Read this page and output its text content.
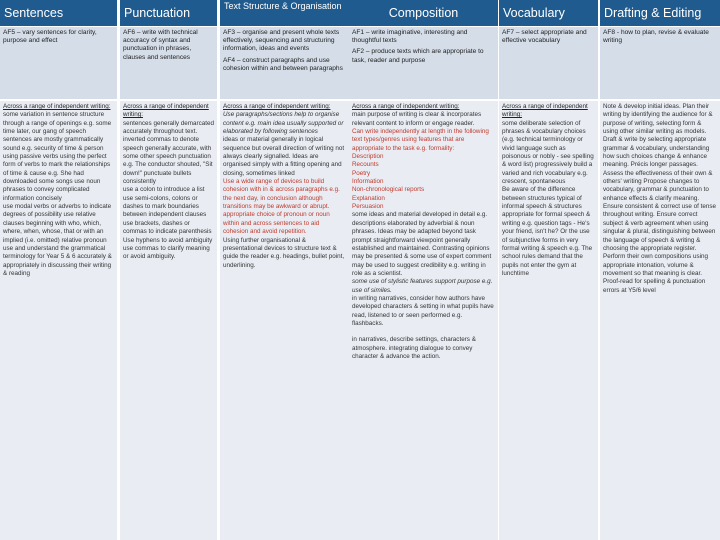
Sentences

AF5 – vary sentences for clarity, purpose and effect

Across a range of independent writing:

some variation in sentence structure through a range of openings e.g. some time later, our gang of speech sentences are mostly grammatically sound e.g. security of time & person using passive verbs using the perfect form of verbs to mark the relationships of time & cause e.g. She had downloaded some songs use noun phrases to convey complicated information concisely

use modal verbs or adverbs to indicate degrees of possibility use relative clauses beginning with who, which, where, when, whose, that or with an implied (i.e. omitted) relative pronoun use and understand the grammatical terminology for Year 5 & 6 accurately & appropriately in discussing their writing & reading

Punctuation

AF6 – write with technical accuracy of syntax and punctuation in phrases, clauses and sentences

Across a range of independent writing:

sentences generally demarcated accurately throughout text. inverted commas to denote speech generally accurate, with some other speech punctuation e.g. The conductor shouted, "Sit down!" punctuate bullets consistently

use a colon to introduce a list use semi-colons, colons or dashes to mark boundaries between independent clauses use brackets, dashes or commas to indicate parenthesis Use hyphens to avoid ambiguity use commas to clarify meaning or avoid ambiguity.

Text Structure & Organisation

AF3 – organise and present whole texts effectively, sequencing and structuring information, ideas and events

AF4 – construct paragraphs and use cohesion within and between paragraphs

Across a range of independent writing:

Use paragraphs/sections help to organise content e.g. main idea usually supported or elaborated by following sentences

ideas or material generally in logical sequence but overall direction of writing not always clearly signalled. Ideas are organised simply with a fitting opening and closing, sometimes linked

Use a wide range of devices to build cohesion with in & across paragraphs e.g. the next day, in conclusion although transitions may be awkward or abrupt. appropriate choice of pronoun or noun within and across sentences to aid cohesion and avoid repetition.

Using further organisational & presentational devices to structure text & guide the reader e.g. headings, bullet point, underlining.

Composition

AF1 – write imaginative, interesting and thoughtful texts

AF2 – produce texts which are appropriate to task, reader and purpose

Across a range of independent writing:

main purpose of writing is clear & incorporates relevant content to inform or engage reader.

Can write independently at length in the following text types/genres using features that are appropriate to the task e.g. formality:

Description

Recounts

Poetry

Information

Non-chronological reports

Explanation

Persuasion

some ideas and material developed in detail e.g. descriptions elaborated by adverbial & noun phrases. Ideas may be adapted beyond task prompt straightforward viewpoint generally established and maintained. Contrasting opinions may be presented & some use of expert comment may be used to suggest credibility e.g. writing in role as a scientist.

some use of stylistic features support purpose e.g. use of similes.

in writing narratives, consider how authors have developed characters & setting in what pupils have read, listened to or seen performed e.g. flashbacks.

in narratives, describe settings, characters & atmosphere. integrating dialogue to convey character & advance the action.

Vocabulary

AF7 – select appropriate and effective vocabulary

Across a range of independent writing:

some deliberate selection of phrases & vocabulary choices (e.g. technical terminology or vivid language such as poisonous or nobly - see spelling & word list) progressively build a varied and rich vocabulary e.g. crescent, spontaneous

Be aware of the difference between structures typical of informal speech & structures appropriate for formal speech & writing e.g. question tags - He's your friend, isn't he? Or the use of subjunctive forms in very formal writing & speech e.g. The school rules demand that the pupils not enter the gym at lunchtime

Drafting & Editing

AF8 - how to plan, revise & evaluate writing

Note & develop initial ideas. Plan their writing by identifying the audience for & purpose of writing, selecting form & using other similar writing as models. Draft & write by selecting appropriate grammar & vocabulary, understanding how such choices change & enhance meaning. Précis longer passages. Assess the effectiveness of their own & others' writing Propose changes to vocabulary, grammar & punctuation to enhance effects & clarify meaning. Ensure consistent & correct use of tense throughout writing. Ensure correct subject & verb agreement when using singular & plural, distinguishing between the language of speech & writing & choosing the appropriate register. Perform their own compositions using appropriate intonation, volume & movement so that meaning is clear. Proof-read for spelling & punctuation errors at Y5/6 level
